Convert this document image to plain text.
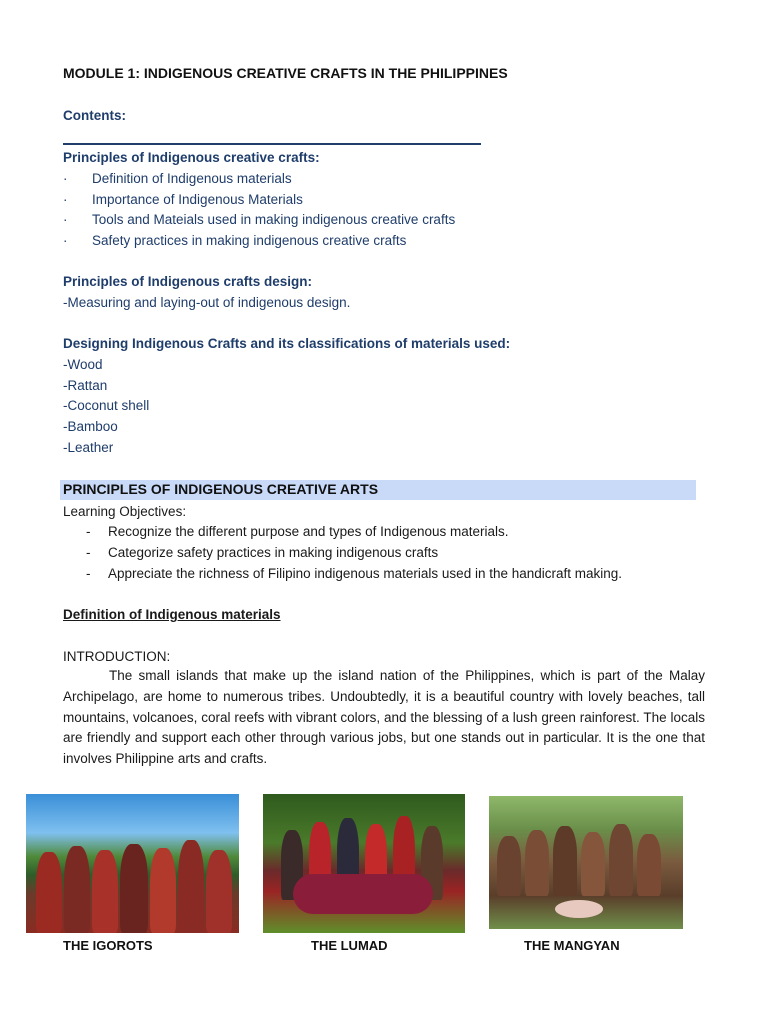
MODULE 1: INDIGENOUS CREATIVE CRAFTS IN THE PHILIPPINES
Contents:
Principles of Indigenous creative crafts:
· Definition of Indigenous materials
· Importance of Indigenous Materials
· Tools and Mateials used in making indigenous creative crafts
· Safety practices in making indigenous creative crafts
Principles of Indigenous crafts design:
-Measuring and laying-out of indigenous design.
Designing Indigenous Crafts and its classifications of materials used:
-Wood
-Rattan
-Coconut shell
-Bamboo
-Leather
PRINCIPLES OF INDIGENOUS CREATIVE ARTS
Learning Objectives:
- Recognize the different purpose and types of Indigenous materials.
- Categorize safety practices in making indigenous crafts
- Appreciate the richness of Filipino indigenous materials used in the handicraft making.
Definition of Indigenous materials
INTRODUCTION:
The small islands that make up the island nation of the Philippines, which is part of the Malay Archipelago, are home to numerous tribes. Undoubtedly, it is a beautiful country with lovely beaches, tall mountains, volcanoes, coral reefs with vibrant colors, and the blessing of a lush green rainforest. The locals are friendly and support each other through various jobs, but one stands out in particular. It is the one that involves Philippine arts and crafts.
THE IGOROTS	THE LUMAD	THE MANGYAN
